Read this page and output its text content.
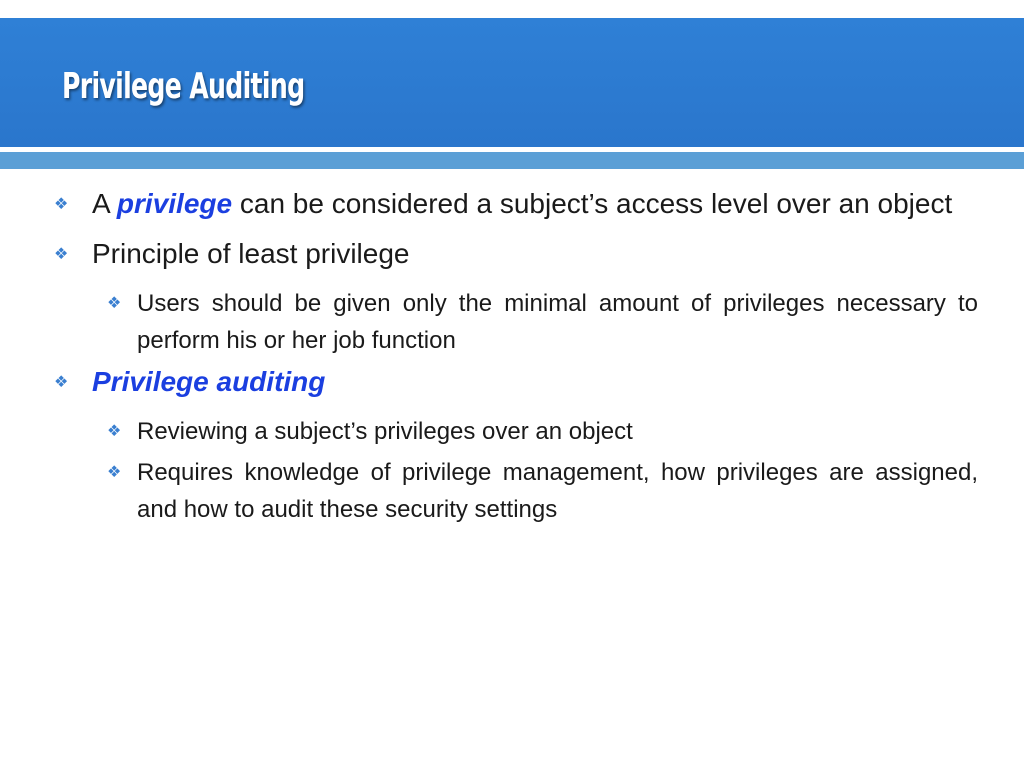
Privilege Auditing
❖ A privilege can be considered a subject’s access level over an object
❖ Principle of least privilege
❖ Users should be given only the minimal amount of privileges necessary to perform his or her job function
❖ Privilege auditing
❖ Reviewing a subject’s privileges over an object
❖ Requires knowledge of privilege management, how privileges are assigned, and how to audit these security settings
